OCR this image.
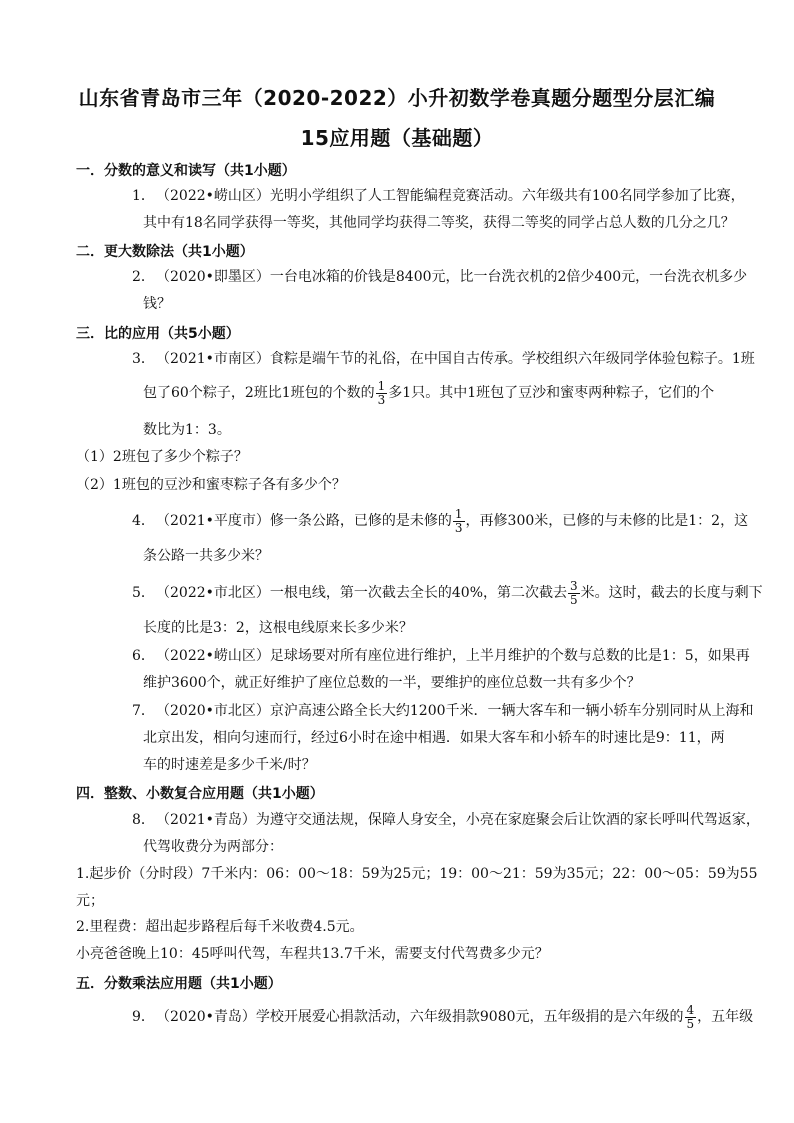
山东省青岛市三年（2020-2022）小升初数学卷真题分题型分层汇编
15应用题（基础题）
一．分数的意义和读写（共1小题）
1．（2022•崂山区）光明小学组织了人工智能编程竞赛活动。六年级共有100名同学参加了比赛，
其中有18名同学获得一等奖，其他同学均获得二等奖，获得二等奖的同学占总人数的几分之几？
二．更大数除法（共1小题）
2．（2020•即墨区）一台电冰箱的价钱是8400元，比一台洗衣机的2倍少400元，一台洗衣机多少
钱？
三．比的应用（共5小题）
3．（2021•市南区）食粽是端午节的礼俗，在中国自古传承。学校组织六年级同学体验包粽子。1班
包了60个粽子，2班比1班包的个数的 $\frac{1}{3}$ 多1只。其中1班包了豆沙和蜜枣两种粽子，它们的个
数比为1：3。
（1）2班包了多少个粽子？
（2）1班包的豆沙和蜜枣粽子各有多少个？
4．（2021•平度市）修一条公路，已修的是未修的 $\frac{1}{3}$ ，再修300米，已修的与未修的比是1：2，这
条公路一共多少米？
5．（2022•市北区）一根电线，第一次截去全长的40%，第二次截去 $\frac{3}{5}$ 米。这时，截去的长度与剩下
长度的比是3：2，这根电线原来长多少米？
6．（2022•崂山区）足球场要对所有座位进行维护，上半月维护的个数与总数的比是1：5，如果再
维护3600个，就正好维护了座位总数的一半，要维护的座位总数一共有多少个？
7．（2020•市北区）京沪高速公路全长大约1200千米．一辆大客车和一辆小轿车分别同时从上海和
北京出发，相向匀速而行，经过6小时在途中相遇．如果大客车和小轿车的时速比是9：11，两
车的时速差是多少千米/时？
四．整数、小数复合应用题（共1小题）
8．（2021•青岛）为遵守交通法规，保障人身安全，小亮在家庭聚会后让饮酒的家长呼叫代驾返家，
代驾收费分为两部分：
1.起步价（分时段）7千米内：06：00～18：59为25元；19：00～21：59为35元；22：00～05：59为55
元；
2.里程费：超出起步路程后每千米收费4.5元。
小亮爸爸晚上10：45呼叫代驾，车程共13.7千米，需要支付代驾费多少元？
五．分数乘法应用题（共1小题）
9．（2020•青岛）学校开展爱心捐款活动，六年级捐款9080元，五年级捐的是六年级的 $\frac{4}{5}$ ，五年级
